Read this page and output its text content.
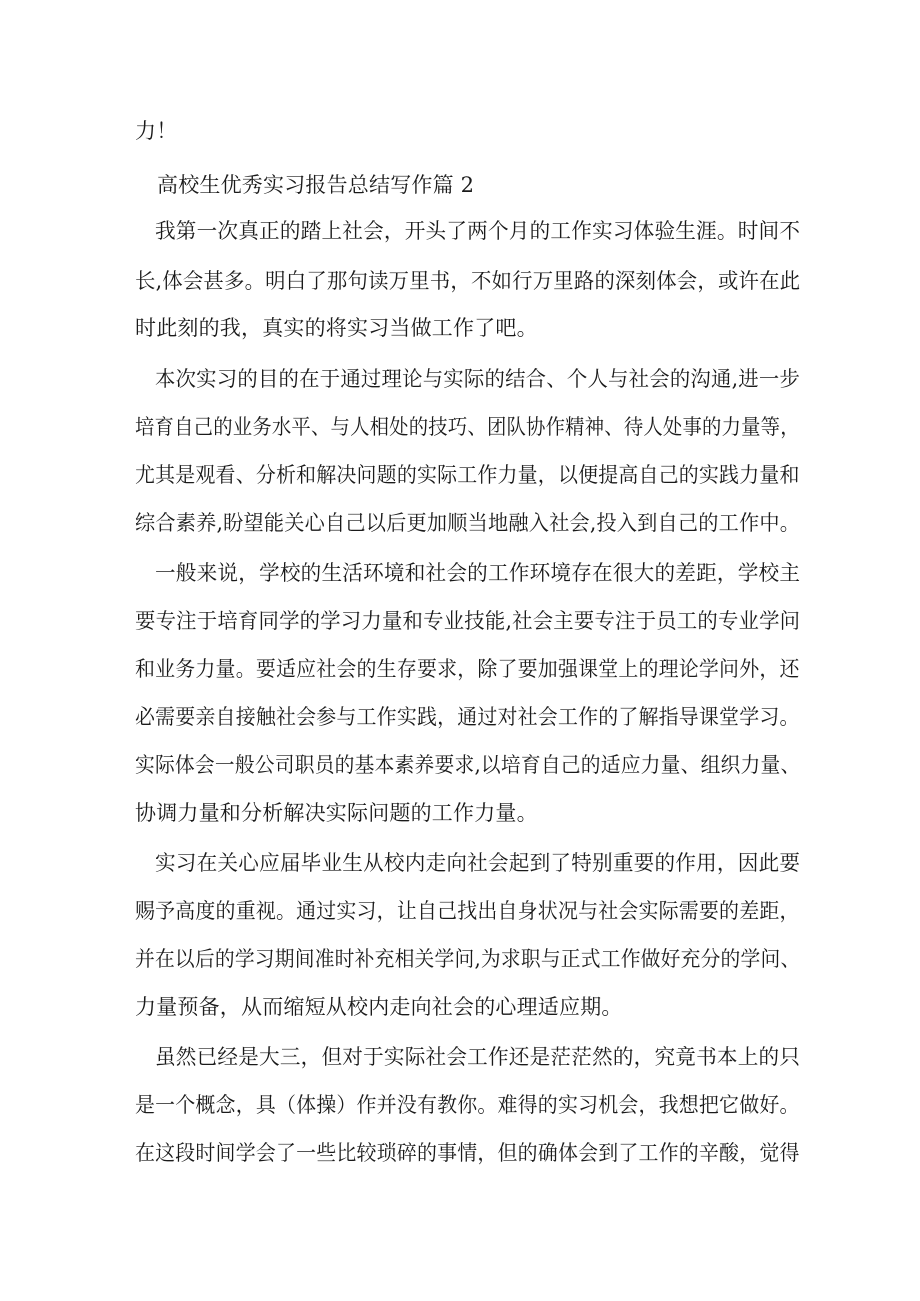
力！
高校生优秀实习报告总结写作篇 2
我第一次真正的踏上社会，开头了两个月的工作实习体验生涯。时间不
长,体会甚多。明白了那句读万里书，不如行万里路的深刻体会，或许在此
时此刻的我，真实的将实习当做工作了吧。
本次实习的目的在于通过理论与实际的结合、个人与社会的沟通,进一步
培育自己的业务水平、与人相处的技巧、团队协作精神、待人处事的力量等，
尤其是观看、分析和解决问题的实际工作力量，以便提高自己的实践力量和
综合素养,盼望能关心自己以后更加顺当地融入社会,投入到自己的工作中。
一般来说，学校的生活环境和社会的工作环境存在很大的差距，学校主
要专注于培育同学的学习力量和专业技能,社会主要专注于员工的专业学问
和业务力量。要适应社会的生存要求，除了要加强课堂上的理论学问外，还
必需要亲自接触社会参与工作实践，通过对社会工作的了解指导课堂学习。
实际体会一般公司职员的基本素养要求,以培育自己的适应力量、组织力量、
协调力量和分析解决实际问题的工作力量。
实习在关心应届毕业生从校内走向社会起到了特别重要的作用，因此要
赐予高度的重视。通过实习，让自己找出自身状况与社会实际需要的差距，
并在以后的学习期间准时补充相关学问,为求职与正式工作做好充分的学问、
力量预备，从而缩短从校内走向社会的心理适应期。
虽然已经是大三，但对于实际社会工作还是茫茫然的，究竟书本上的只
是一个概念，具（体操）作并没有教你。难得的实习机会，我想把它做好。
在这段时间学会了一些比较琐碎的事情，但的确体会到了工作的辛酸，觉得
